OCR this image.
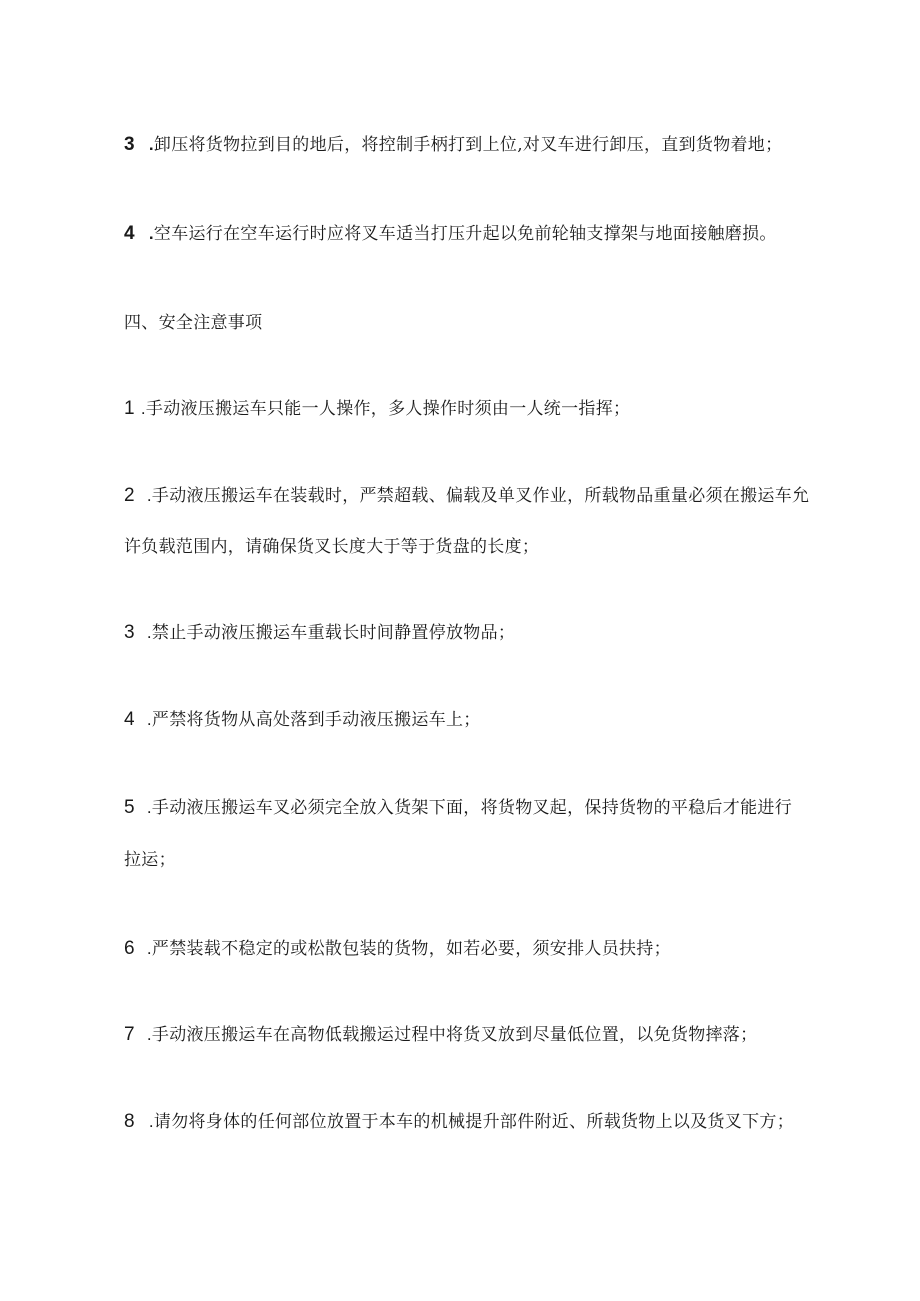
3 .卸压将货物拉到目的地后，将控制手柄打到上位,对叉车进行卸压，直到货物着地；
4 .空车运行在空车运行时应将叉车适当打压升起以免前轮轴支撑架与地面接触磨损。
四、安全注意事项
1 .手动液压搬运车只能一人操作，多人操作时须由一人统一指挥；
2 .手动液压搬运车在装载时，严禁超载、偏载及单叉作业，所载物品重量必须在搬运车允
许负载范围内，请确保货叉长度大于等于货盘的长度；
3 .禁止手动液压搬运车重载长时间静置停放物品；
4 .严禁将货物从高处落到手动液压搬运车上；
5 .手动液压搬运车叉必须完全放入货架下面，将货物叉起，保持货物的平稳后才能进行
拉运；
6 .严禁装载不稳定的或松散包装的货物，如若必要，须安排人员扶持；
7 .手动液压搬运车在高物低载搬运过程中将货叉放到尽量低位置，以免货物摔落；
8 .请勿将身体的任何部位放置于本车的机械提升部件附近、所载货物上以及货叉下方；
